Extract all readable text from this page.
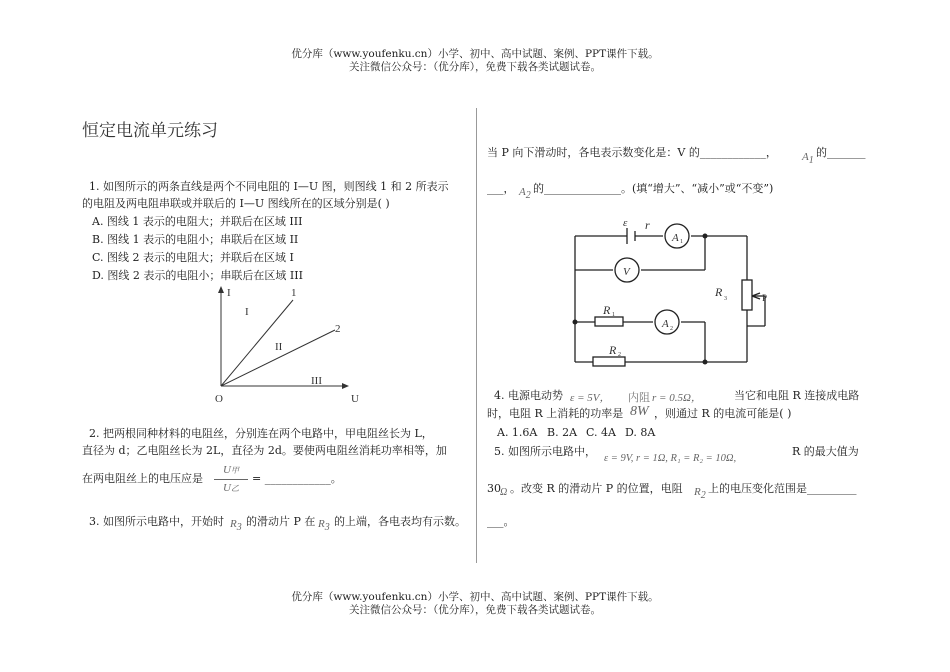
优分库（www.youfenku.cn）小学、初中、高中试题、案例、PPT课件下载。
关注微信公众号：（优分库），免费下载各类试题试卷。
恒定电流单元练习
1. 如图所示的两条直线是两个不同电阻的 I—U 图，则图线 1 和 2 所表示
的电阻及两电阻串联或并联后的 I—U 图线所在的区域分别是( )
A. 图线 1 表示的电阻大；并联后在区域 III
B. 图线 1 表示的电阻小；串联后在区域 II
C. 图线 2 表示的电阻大；并联后在区域 I
D. 图线 2 表示的电阻小；串联后在区域 III
I
U
O
1
2
I
II
III
2. 把两根同种材料的电阻丝，分别连在两个电路中，甲电阻丝长为 L，
直径为 d；乙电阻丝长为 2L，直径为 2d。要使两电阻丝消耗功率相等，加
在两电阻丝上的电压应是
U甲
U乙
= ____________。
3. 如图所示电路中，开始时 $R_3$ 的滑动片 P 在 $R_3$ 的上端，各电表均有示数。
当 P 向下滑动时，各电表示数变化是：V 的____________， $A_1$
的_______
___， $A_2$
的______________。(填“增大”、“减小”或“不变”)
ε r
A 1
V
A 2
R 1
R 2
R 3	P
4. 电源电动势 ε = 5V， 内阻 r = 0.5Ω，	当它和电阻 R 连接成电路
时，电阻 R 上消耗的功率是 8W ，则通过 R 的电流可能是( )
A. 1.6A B. 2A C. 4A D. 8A
5. 如图所示电路中，
ε = 9V, r = 1Ω, R₁ = R₂ = 10Ω,
R 的最大值为
30 Ω 。改变 R 的滑动片 P 的位置，电阻 $R_2$
上的电压变化范围是_________
___。
优分库（www.youfenku.cn）小学、初中、高中试题、案例、PPT课件下载。
关注微信公众号：（优分库），免费下载各类试题试卷。
